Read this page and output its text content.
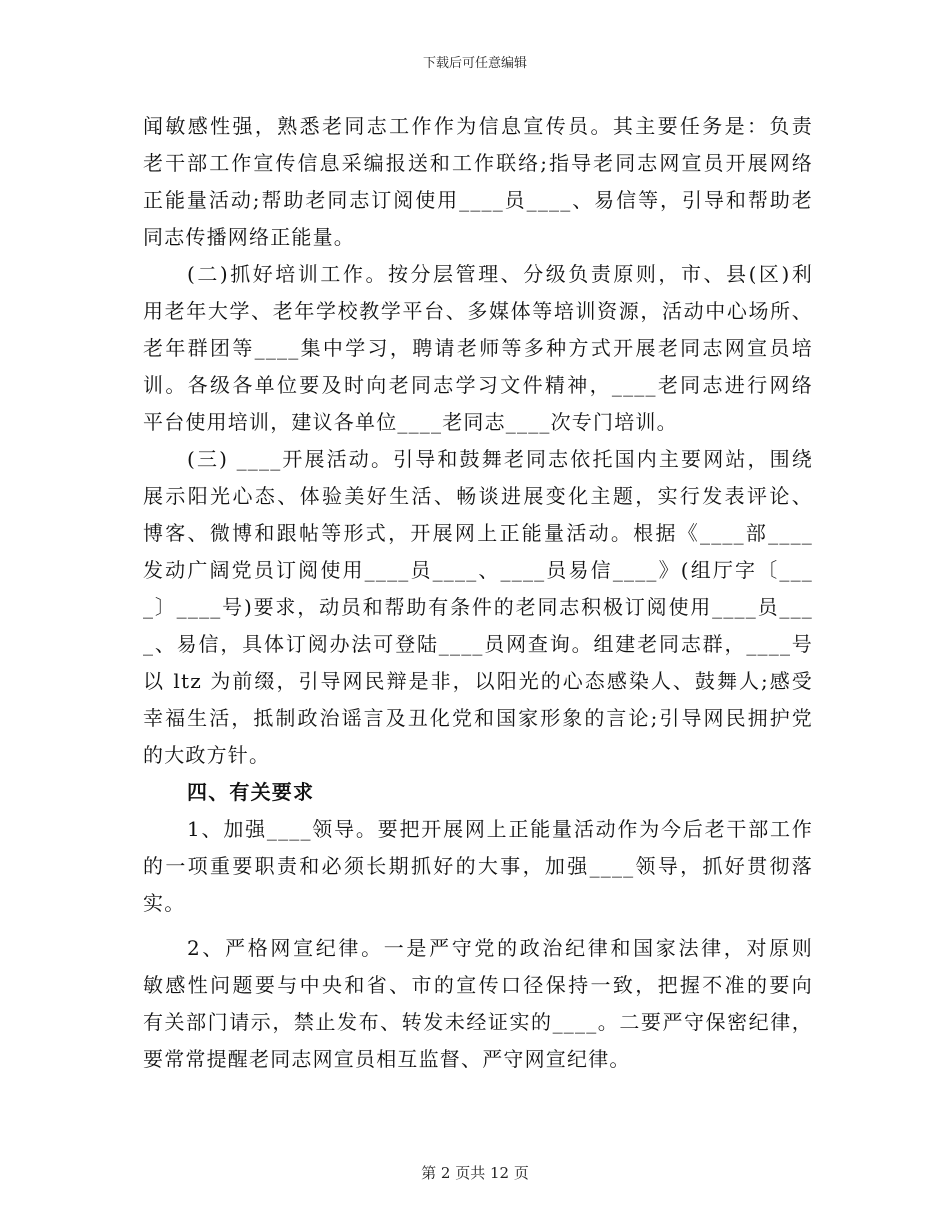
下载后可任意编辑
闻敏感性强，熟悉老同志工作作为信息宣传员。其主要任务是：负责
老干部工作宣传信息采编报送和工作联络;指导老同志网宣员开展网络
正能量活动;帮助老同志订阅使用____员____、易信等，引导和帮助老
同志传播网络正能量。
(二)抓好培训工作。按分层管理、分级负责原则，市、县(区)利
用老年大学、老年学校教学平台、多媒体等培训资源，活动中心场所、
老年群团等____集中学习，聘请老师等多种方式开展老同志网宣员培
训。各级各单位要及时向老同志学习文件精神，____老同志进行网络
平台使用培训，建议各单位____老同志____次专门培训。
(三) ____开展活动。引导和鼓舞老同志依托国内主要网站，围绕
展示阳光心态、体验美好生活、畅谈进展变化主题，实行发表评论、
博客、微博和跟帖等形式，开展网上正能量活动。根据《____部____
发动广阔党员订阅使用____员____、____员易信____》(组厅字〔___
_〕____号)要求，动员和帮助有条件的老同志积极订阅使用____员___
_、易信，具体订阅办法可登陆____员网查询。组建老同志群，____号
以 ltz 为前缀，引导网民辩是非，以阳光的心态感染人、鼓舞人;感受
幸福生活，抵制政治谣言及丑化党和国家形象的言论;引导网民拥护党
的大政方针。
四、有关要求
1、加强____领导。要把开展网上正能量活动作为今后老干部工作
的一项重要职责和必须长期抓好的大事，加强____领导，抓好贯彻落
实。
2、严格网宣纪律。一是严守党的政治纪律和国家法律，对原则
敏感性问题要与中央和省、市的宣传口径保持一致，把握不准的要向
有关部门请示，禁止发布、转发未经证实的____。二要严守保密纪律，
要常常提醒老同志网宣员相互监督、严守网宣纪律。
第 2 页共 12 页
